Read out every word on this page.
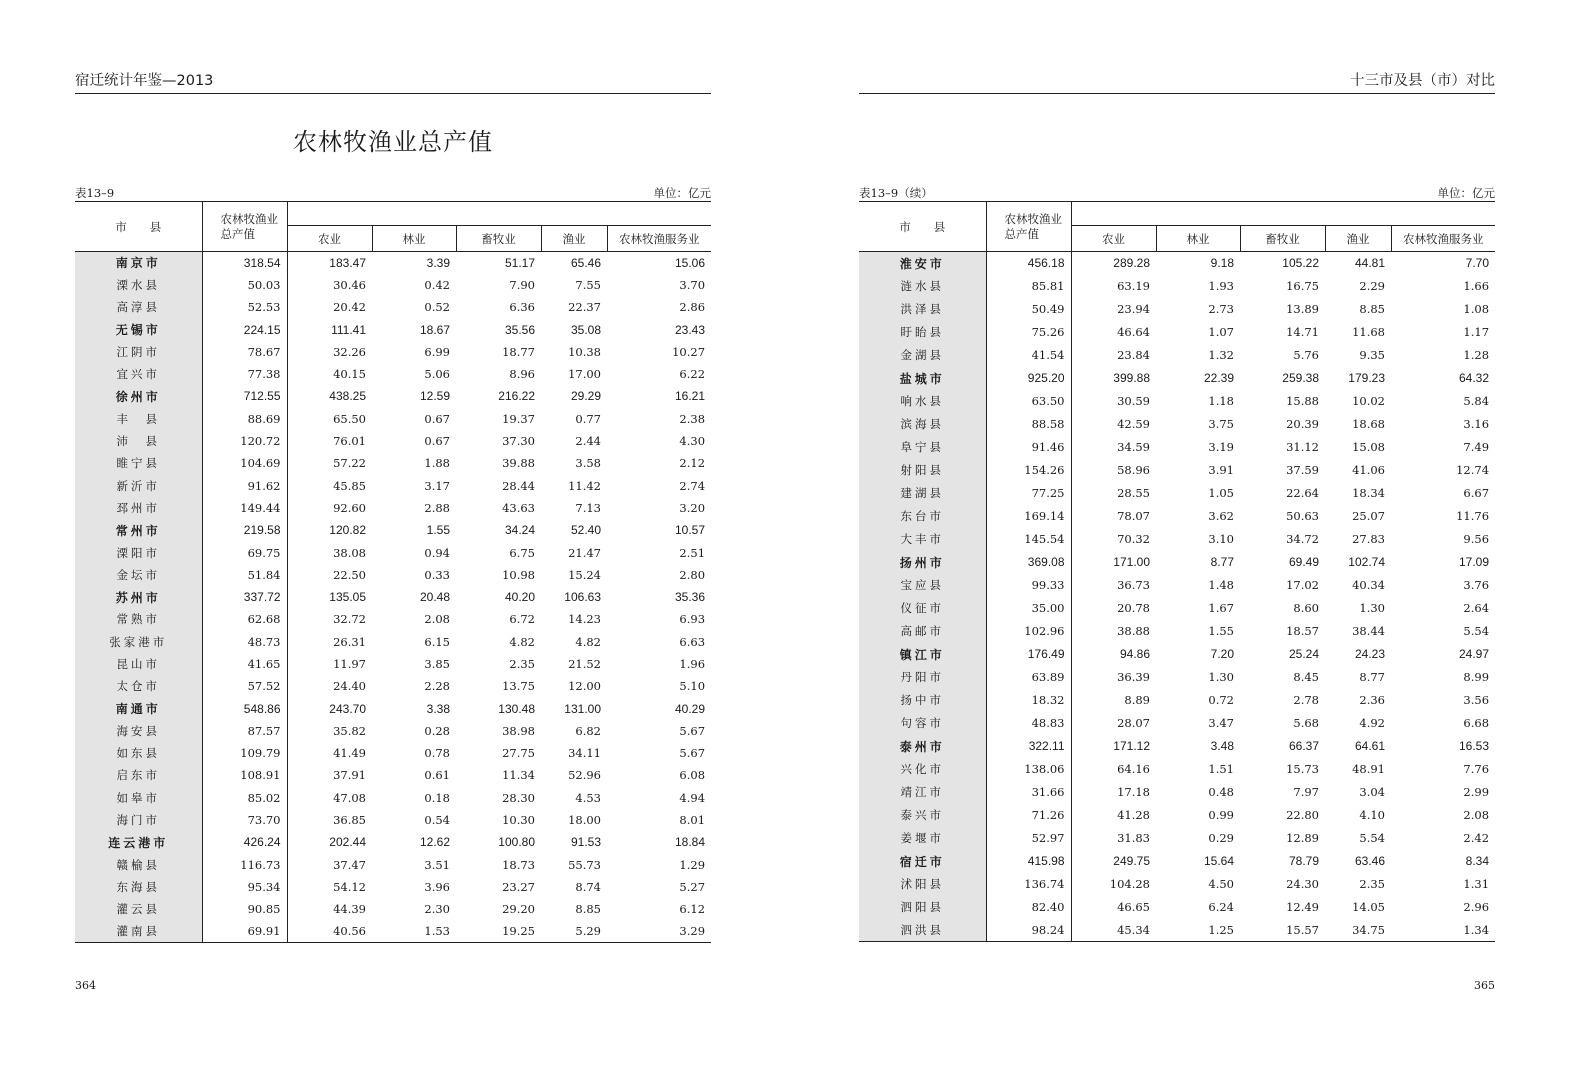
宿迁统计年鉴—2013
农林牧渔业总产值
表13–9	单位：亿元
市　　县	农林牧渔业总产值					
		农业	林业	畜牧业	渔业	农林牧渔服务业
南京市	318.54	183.47	3.39	51.17	65.46	15.06
溧水县	50.03	30.46	0.42	7.90	7.55	3.70
高淳县	52.53	20.42	0.52	6.36	22.37	2.86
无锡市	224.15	111.41	18.67	35.56	35.08	23.43
江阴市	78.67	32.26	6.99	18.77	10.38	10.27
宜兴市	77.38	40.15	5.06	8.96	17.00	6.22
徐州市	712.55	438.25	12.59	216.22	29.29	16.21
丰　县	88.69	65.50	0.67	19.37	0.77	2.38
沛　县	120.72	76.01	0.67	37.30	2.44	4.30
睢宁县	104.69	57.22	1.88	39.88	3.58	2.12
新沂市	91.62	45.85	3.17	28.44	11.42	2.74
邳州市	149.44	92.60	2.88	43.63	7.13	3.20
常州市	219.58	120.82	1.55	34.24	52.40	10.57
溧阳市	69.75	38.08	0.94	6.75	21.47	2.51
金坛市	51.84	22.50	0.33	10.98	15.24	2.80
苏州市	337.72	135.05	20.48	40.20	106.63	35.36
常熟市	62.68	32.72	2.08	6.72	14.23	6.93
张家港市	48.73	26.31	6.15	4.82	4.82	6.63
昆山市	41.65	11.97	3.85	2.35	21.52	1.96
太仓市	57.52	24.40	2.28	13.75	12.00	5.10
南通市	548.86	243.70	3.38	130.48	131.00	40.29
海安县	87.57	35.82	0.28	38.98	6.82	5.67
如东县	109.79	41.49	0.78	27.75	34.11	5.67
启东市	108.91	37.91	0.61	11.34	52.96	6.08
如皋市	85.02	47.08	0.18	28.30	4.53	4.94
海门市	73.70	36.85	0.54	10.30	18.00	8.01
连云港市	426.24	202.44	12.62	100.80	91.53	18.84
赣榆县	116.73	37.47	3.51	18.73	55.73	1.29
东海县	95.34	54.12	3.96	23.27	8.74	5.27
灌云县	90.85	44.39	2.30	29.20	8.85	6.12
灌南县	69.91	40.56	1.53	19.25	5.29	3.29
364
十三市及县（市）对比
表13–9（续）	单位：亿元
市　　县	农林牧渔业总产值					
		农业	林业	畜牧业	渔业	农林牧渔服务业
淮安市	456.18	289.28	9.18	105.22	44.81	7.70
涟水县	85.81	63.19	1.93	16.75	2.29	1.66
洪泽县	50.49	23.94	2.73	13.89	8.85	1.08
盱眙县	75.26	46.64	1.07	14.71	11.68	1.17
金湖县	41.54	23.84	1.32	5.76	9.35	1.28
盐城市	925.20	399.88	22.39	259.38	179.23	64.32
响水县	63.50	30.59	1.18	15.88	10.02	5.84
滨海县	88.58	42.59	3.75	20.39	18.68	3.16
阜宁县	91.46	34.59	3.19	31.12	15.08	7.49
射阳县	154.26	58.96	3.91	37.59	41.06	12.74
建湖县	77.25	28.55	1.05	22.64	18.34	6.67
东台市	169.14	78.07	3.62	50.63	25.07	11.76
大丰市	145.54	70.32	3.10	34.72	27.83	9.56
扬州市	369.08	171.00	8.77	69.49	102.74	17.09
宝应县	99.33	36.73	1.48	17.02	40.34	3.76
仪征市	35.00	20.78	1.67	8.60	1.30	2.64
高邮市	102.96	38.88	1.55	18.57	38.44	5.54
镇江市	176.49	94.86	7.20	25.24	24.23	24.97
丹阳市	63.89	36.39	1.30	8.45	8.77	8.99
扬中市	18.32	8.89	0.72	2.78	2.36	3.56
句容市	48.83	28.07	3.47	5.68	4.92	6.68
泰州市	322.11	171.12	3.48	66.37	64.61	16.53
兴化市	138.06	64.16	1.51	15.73	48.91	7.76
靖江市	31.66	17.18	0.48	7.97	3.04	2.99
泰兴市	71.26	41.28	0.99	22.80	4.10	2.08
姜堰市	52.97	31.83	0.29	12.89	5.54	2.42
宿迁市	415.98	249.75	15.64	78.79	63.46	8.34
沭阳县	136.74	104.28	4.50	24.30	2.35	1.31
泗阳县	82.40	46.65	6.24	12.49	14.05	2.96
泗洪县	98.24	45.34	1.25	15.57	34.75	1.34
365
